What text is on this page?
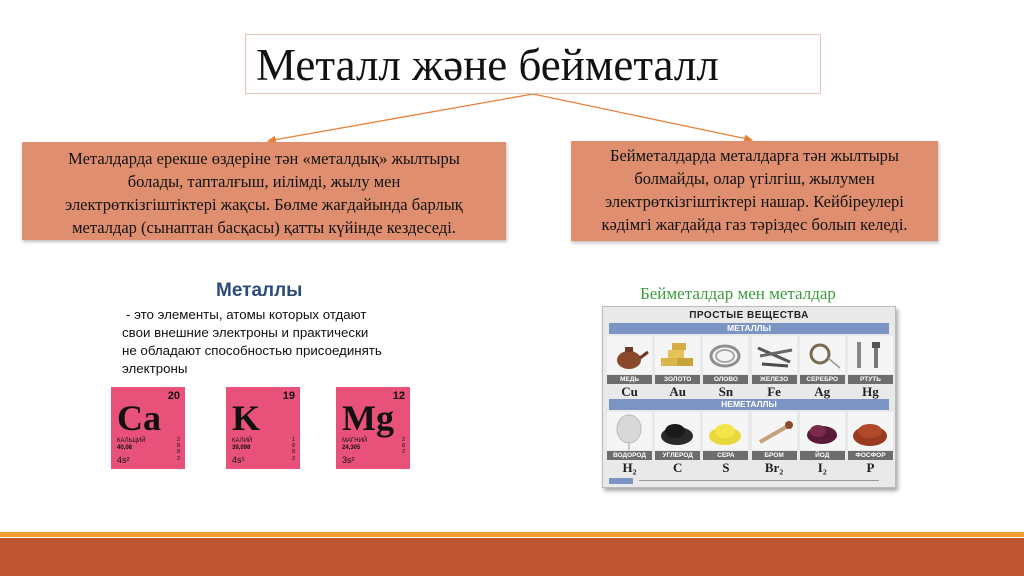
Металл және бейметалл
Металдарда ерекше өздеріне тән «металдық» жылтыры
болады, тапталғыш, иілімді, жылу мен
электрөткізгіштіктері жақсы. Бөлме жағдайында барлық
металдар (сынаптан басқасы) қатты күйінде кездеседі.
Бейметалдарда металдарға тән жылтыры
болмайды, олар үгілгіш, жылумен
электрөткізгіштіктері нашар. Кейбіреулері
кәдімгі жағдайда газ тәріздес болып келеді.
Металлы
- это элементы, атомы которых отдают
свои внешние электроны и практически
не обладают способностью присоединять
электроны
20
Ca
КАЛЬЦИЙ
40,08
4s²
2
8
8
2
19
K
КАЛИЙ
39,098
4s¹
1
8
8
2
12
Mg
МАГНИЙ
24,305
3s²
2
8
2
Бейметалдар мен металдар
ПРОСТЫЕ ВЕЩЕСТВА
МЕТАЛЛЫ
МЕДЬ
Cu
ЗОЛОТО
Au
ОЛОВО
Sn
ЖЕЛЕЗО
Fe
СЕРЕБРО
Ag
РТУТЬ
Hg
НЕМЕТАЛЛЫ
ВОДОРОД
H₂
УГЛЕРОД
C
СЕРА
S
БРОМ
Br₂
ЙОД
I₂
ФОСФОР
P
